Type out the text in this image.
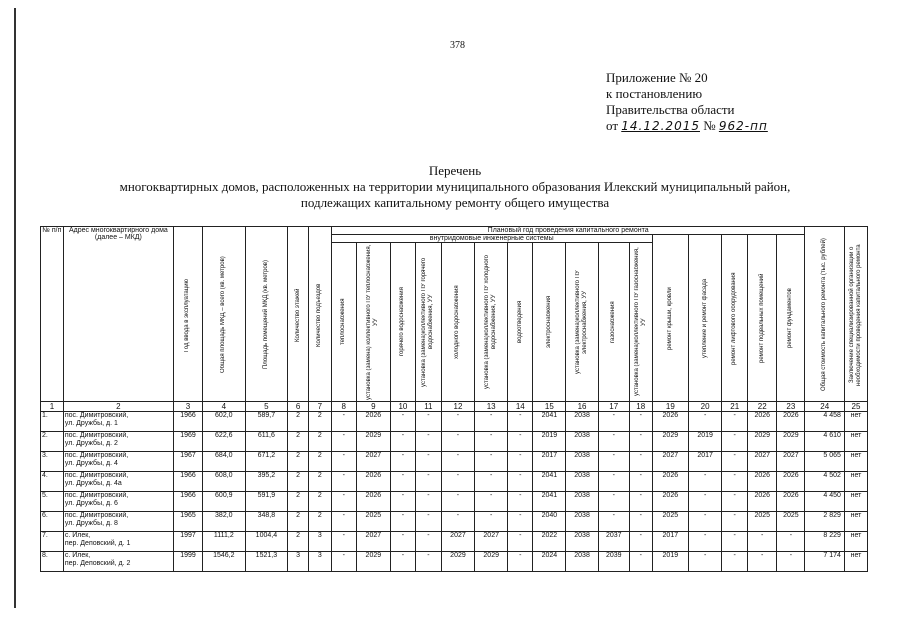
378
Приложение № 20
к постановлению
Правительства области
от 14.12.2015 № 962-пп
Перечень
многоквартирных домов, расположенных на территории муниципального образования Илекский муниципальный район,
подлежащих капитальному ремонту общего имущества
№ п/п	Адрес многоквартирного дома (далее – МКД)	Год ввода в эксплуатацию	Общая площадь МКД – всего (кв. метров)	Площадь помещений МКД (кв. метров)	Количество этажей	Количество подъездов	Плановый год проведения капитального ремонта																Общая стоимость капитального ремонта (тыс. рублей)	Заключение специализированной организации о необходимости проведения капитального ремонта

							внутридомовые инженерные системы											ремонт крыши, кровли	утепление и ремонт фасада	ремонт лифтового оборудования	ремонт подвальных помещений	ремонт фундаментов		

							теплоснабжения	установка (замена) коллективного ПУ теплоснабжения, УУ	горячего водоснабжения	установка (замена)коллективного ПУ горячего водоснабжения, УУ	холодного водоснабжения	установка (замена)коллективного ПУ холодного водоснабжения, УУ	водоотведения	электроснабжения	установка (замена)коллективного ПУ электроснабжения, УУ	газоснабжения	установка (замена)коллективного ПУ газоснабжения, УУ							

1	2	3	4	5	6	7	8	9	10	11	12	13	14	15	16	17	18	19	20	21	22	23	24	25
1.	пос. Димитровский,
ул. Дружбы, д. 1	1966	602,0	589,7	2	2	-	2026	-	-	-	-	-	2041	2038	-	-	2026	-	-	2026	2026	4 458	нет
2.	пос. Димитровский,
ул. Дружбы, д. 2	1969	622,6	611,6	2	2	-	2029	-	-	-	-	-	2019	2038	-	-	2029	2019	-	2029	2029	4 610	нет
3.	пос. Димитровский,
ул. Дружбы, д. 4	1967	684,0	671,2	2	2	-	2027	-	-	-	-	-	2017	2038	-	-	2027	2017	-	2027	2027	5 065	нет
4.	пос. Димитровский,
ул. Дружбы, д. 4а	1966	608,0	395,2	2	2	-	2026	-	-	-	-	-	2041	2038	-	-	2026	-	-	2026	2026	4 502	нет
5.	пос. Димитровский,
ул. Дружбы, д. 6	1966	600,9	591,9	2	2	-	2026	-	-	-	-	-	2041	2038	-	-	2026	-	-	2026	2026	4 450	нет
6.	пос. Димитровский,
ул. Дружбы, д. 8	1965	382,0	348,8	2	2	-	2025	-	-	-	-	-	2040	2038	-	-	2025	-	-	2025	2025	2 829	нет
7.	с. Илек,
пер. Деповский, д. 1	1997	1111,2	1004,4	2	3	-	2027	-	-	2027	2027	-	2022	2038	2037	-	2017	-	-	-	-	8 229	нет
8.	с. Илек,
пер. Деповский, д. 2	1999	1546,2	1521,3	3	3	-	2029	-	-	2029	2029	-	2024	2038	2039	-	2019	-	-	-	-	7 174	нет
